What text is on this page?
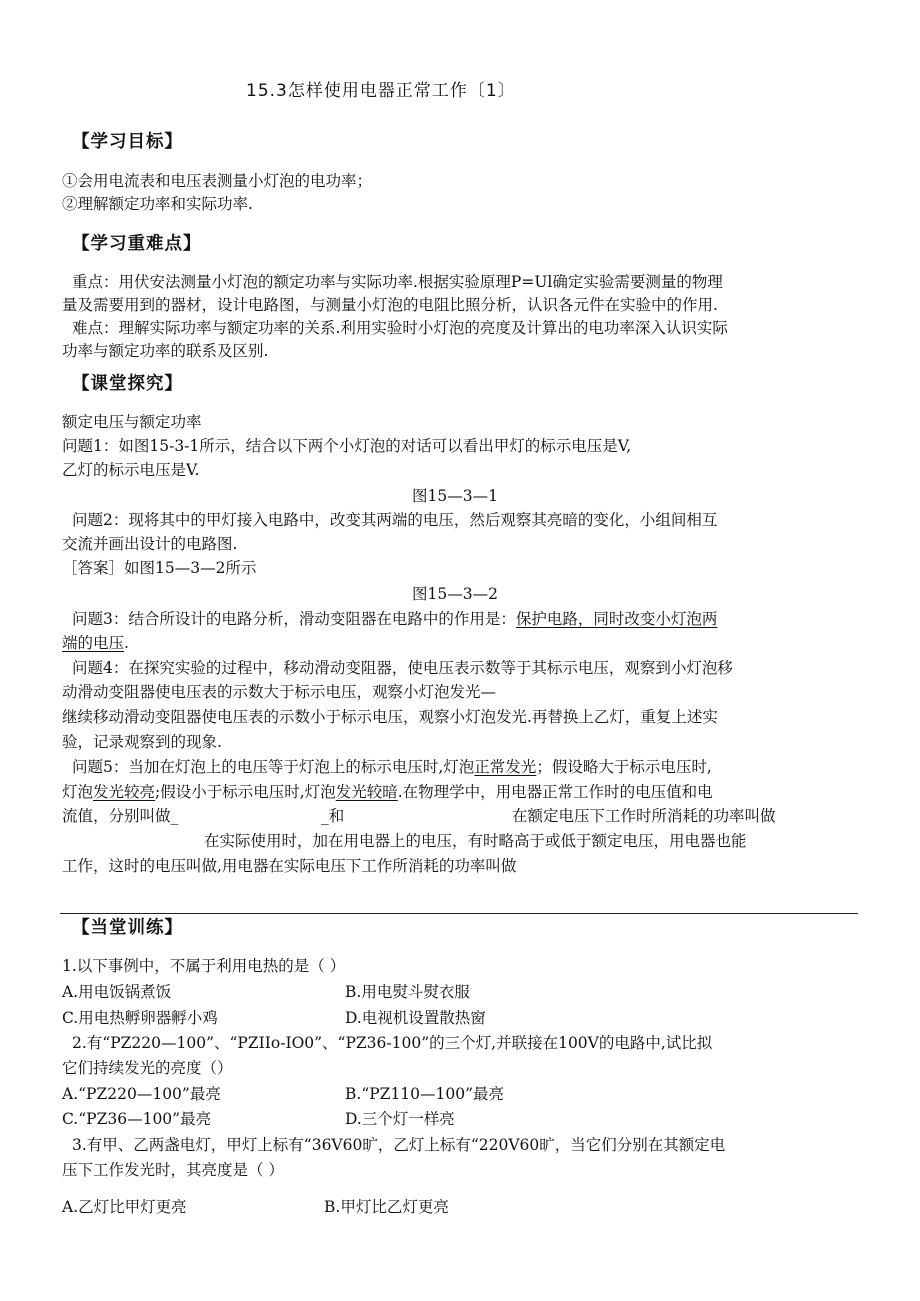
15.3怎样使用电器正常工作〔1〕
【学习目标】
①会用电流表和电压表测量小灯泡的电功率；
②理解额定功率和实际功率.
【学习重难点】
重点：用伏安法测量小灯泡的额定功率与实际功率.根据实验原理P=Ul确定实验需要测量的物理
量及需要用到的器材，设计电路图，与测量小灯泡的电阻比照分析，认识各元件在实验中的作用.
难点：理解实际功率与额定功率的关系.利用实验时小灯泡的亮度及计算出的电功率深入认识实际
功率与额定功率的联系及区别.
【课堂探究】
额定电压与额定功率
问题1：如图15-3-1所示，结合以下两个小灯泡的对话可以看出甲灯的标示电压是V,
乙灯的标示电压是V.
图15—3—1
问题2：现将其中的甲灯接入电路中，改变其两端的电压，然后观察其亮暗的变化，小组间相互
交流并画出设计的电路图.
［答案］如图15—3—2所示
图15—3—2
问题3：结合所设计的电路分析，滑动变阻器在电路中的作用是：保护电路，同时改变小灯泡两
端的电压.
问题4：在探究实验的过程中，移动滑动变阻器，使电压表示数等于其标示电压，观察到小灯泡移
动滑动变阻器使电压表的示数大于标示电压，观察小灯泡发光—
继续移动滑动变阻器使电压表的示数小于标示电压，观察小灯泡发光.再替换上乙灯，重复上述实
验，记录观察到的现象.
问题5：当加在灯泡上的电压等于灯泡上的标示电压时,灯泡正常发光；假设略大于标示电压时,
灯泡发光较亮;假设小于标示电压时,灯泡发光较暗.在物理学中，用电器正常工作时的电压值和电
流值，分别叫做_	_和	在额定电压下工作时所消耗的功率叫做
在实际使用时，加在用电器上的电压，有时略高于或低于额定电压，用电器也能
工作，这时的电压叫做,用电器在实际电压下工作所消耗的功率叫做
【当堂训练】
1.以下事例中，不属于利用电热的是（ ）
A.用电饭锅煮饭	B.用电熨斗熨衣服
C.用电热孵卵器孵小鸡	D.电视机设置散热窗
2.有“PZ220—100”、“PZIIo-IO0”、“PZ36-100”的三个灯,并联接在100V的电路中,试比拟
它们持续发光的亮度（）
A.“PZ220—100”最亮	B.“PZ110—100”最亮
C.“PZ36—100”最亮	D.三个灯一样亮
3.有甲、乙两盏电灯，甲灯上标有“36V60旷，乙灯上标有“220V60旷，当它们分别在其额定电
压下工作发光时，其亮度是（ ）
A.乙灯比甲灯更亮	B.甲灯比乙灯更亮
